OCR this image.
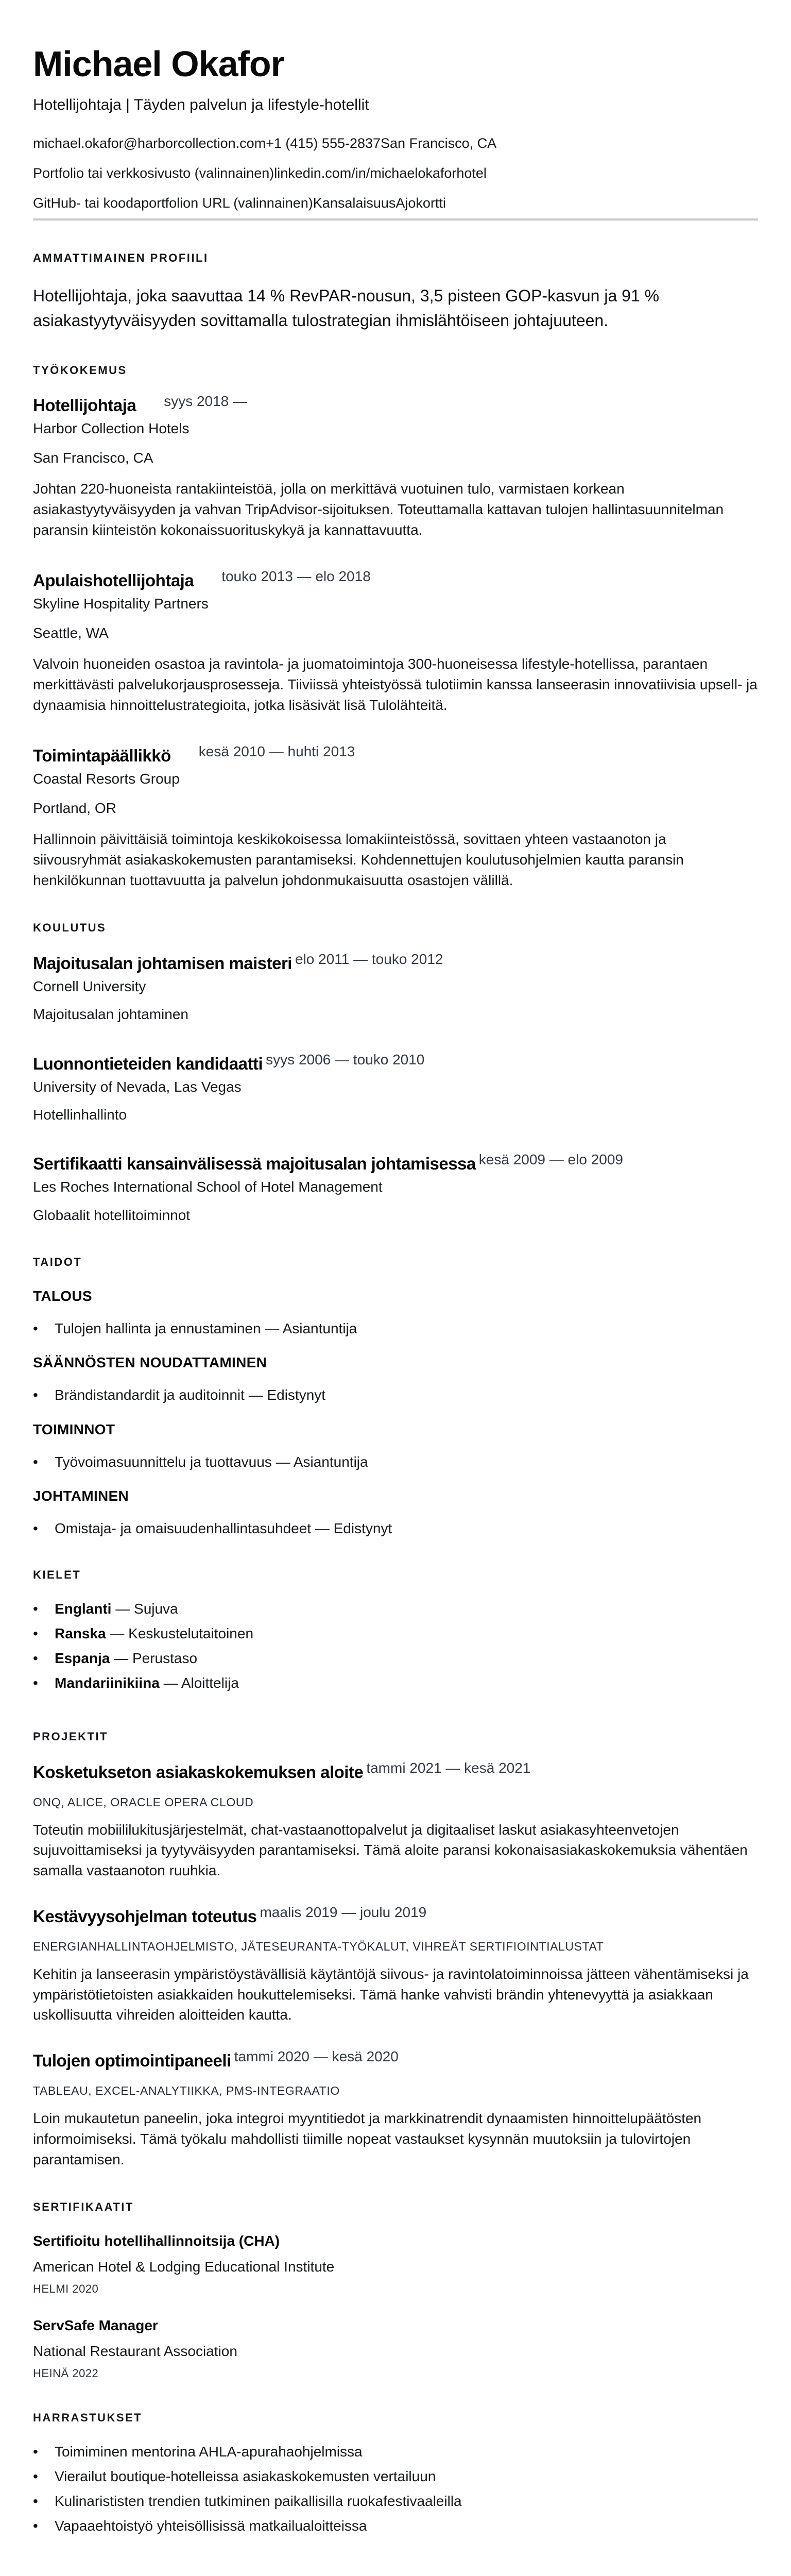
Michael Okafor
Hotellijohtaja | Täyden palvelun ja lifestyle-hotellit
michael.okafor@harborcollection.com+1 (415) 555-2837San Francisco, CA
Portfolio tai verkkosivusto (valinnainen)linkedin.com/in/michaelokaforhotel
GitHub- tai koodaportfolion URL (valinnainen)KansalaisuusAjokortti
AMMATTIMAINEN PROFIILI

Hotellijohtaja, joka saavuttaa 14 % RevPAR-nousun, 3,5 pisteen GOP-kasvun ja 91 % asiakastyytyväisyyden sovittamalla tulostrategian ihmislähtöiseen johtajuuteen.

TYÖKOKEMUS
Hotellijohtaja syys 2018 —
Harbor Collection Hotels
San Francisco, CA

Johtan 220-huoneista rantakiinteistöä, jolla on merkittävä vuotuinen tulo, varmistaen korkean asiakastyytyväisyyden ja vahvan TripAdvisor-sijoituksen. Toteuttamalla kattavan tulojen hallintasuunnitelman paransin kiinteistön kokonaissuorituskykyä ja kannattavuutta.

Apulaishotellijohtaja touko 2013 — elo 2018
Skyline Hospitality Partners
Seattle, WA

Valvoin huoneiden osastoa ja ravintola- ja juomatoimintoja 300-huoneisessa lifestyle-hotellissa, parantaen merkittävästi palvelukorjausprosesseja. Tiiviissä yhteistyössä tulotiimin kanssa lanseerasin innovatiivisia upsell- ja dynaamisia hinnoittelustrategioita, jotka lisäsivät lisä Tulolähteitä.

Toimintapäällikkö kesä 2010 — huhti 2013
Coastal Resorts Group
Portland, OR

Hallinnoin päivittäisiä toimintoja keskikokoisessa lomakiinteistössä, sovittaen yhteen vastaanoton ja siivousryhmät asiakaskokemusten parantamiseksi. Kohdennettujen koulutusohjelmien kautta paransin henkilökunnan tuottavuutta ja palvelun johdonmukaisuutta osastojen välillä.

KOULUTUS
Majoitusalan johtamisen maisteri elo 2011 — touko 2012
Cornell University
Majoitusalan johtaminen
Luonnontieteiden kandidaatti syys 2006 — touko 2010
University of Nevada, Las Vegas
Hotellinhallinto
Sertifikaatti kansainvälisessä majoitusalan johtamisessa kesä 2009 — elo 2009
Les Roches International School of Hotel Management
Globaalit hotellitoiminnot
TAIDOT
TALOUS
• Tulojen hallinta ja ennustaminen — Asiantuntija
SÄÄNNÖSTEN NOUDATTAMINEN
• Brändistandardit ja auditoinnit — Edistynyt
TOIMINNOT
• Työvoimasuunnittelu ja tuottavuus — Asiantuntija
JOHTAMINEN
• Omistaja- ja omaisuudenhallintasuhdeet — Edistynyt
KIELET
• Englanti — Sujuva
• Ranska — Keskustelutaitoinen
• Espanja — Perustaso
• Mandariinikiina — Aloittelija
PROJEKTIT
Kosketukseton asiakaskokemuksen aloite tammi 2021 — kesä 2021
ONQ, ALICE, ORACLE OPERA CLOUD

Toteutin mobiililukitusjärjestelmät, chat-vastaanottopalvelut ja digitaaliset laskut asiakasyhteenvetojen sujuvoittamiseksi ja tyytyväisyyden parantamiseksi. Tämä aloite paransi kokonaisasiakaskokemuksia vähentäen samalla vastaanoton ruuhkia.

Kestävyysohjelman toteutus maalis 2019 — joulu 2019
ENERGIANHALLINTAOHJELMISTO, JÄTESEURANTA-TYÖKALUT, VIHREÄT SERTIFIOINTIALUSTAT

Kehitin ja lanseerasin ympäristöystävällisiä käytäntöjä siivous- ja ravintolatoiminnoissa jätteen vähentämiseksi ja ympäristötietoisten asiakkaiden houkuttelemiseksi. Tämä hanke vahvisti brändin yhtenevyyttä ja asiakkaan uskollisuutta vihreiden aloitteiden kautta.

Tulojen optimointipaneeli tammi 2020 — kesä 2020
TABLEAU, EXCEL-ANALYTIIKKA, PMS-INTEGRAATIO

Loin mukautetun paneelin, joka integroi myyntitiedot ja markkinatrendit dynaamisten hinnoittelupäätösten informoimiseksi. Tämä työkalu mahdollisti tiimille nopeat vastaukset kysynnän muutoksiin ja tulovirtojen parantamisen.

SERTIFIKAATIT
Sertifioitu hotellihallinnoitsija (CHA)
American Hotel & Lodging Educational Institute
HELMI 2020
ServSafe Manager
National Restaurant Association
HEINÄ 2022
HARRASTUKSET
• Toimiminen mentorina AHLA-apurahaohjelmissa
• Vierailut boutique-hotelleissa asiakaskokemusten vertailuun
• Kulinarististen trendien tutkiminen paikallisilla ruokafestivaaleilla
• Vapaaehtoistyö yhteisöllisissä matkailualoitteissa
